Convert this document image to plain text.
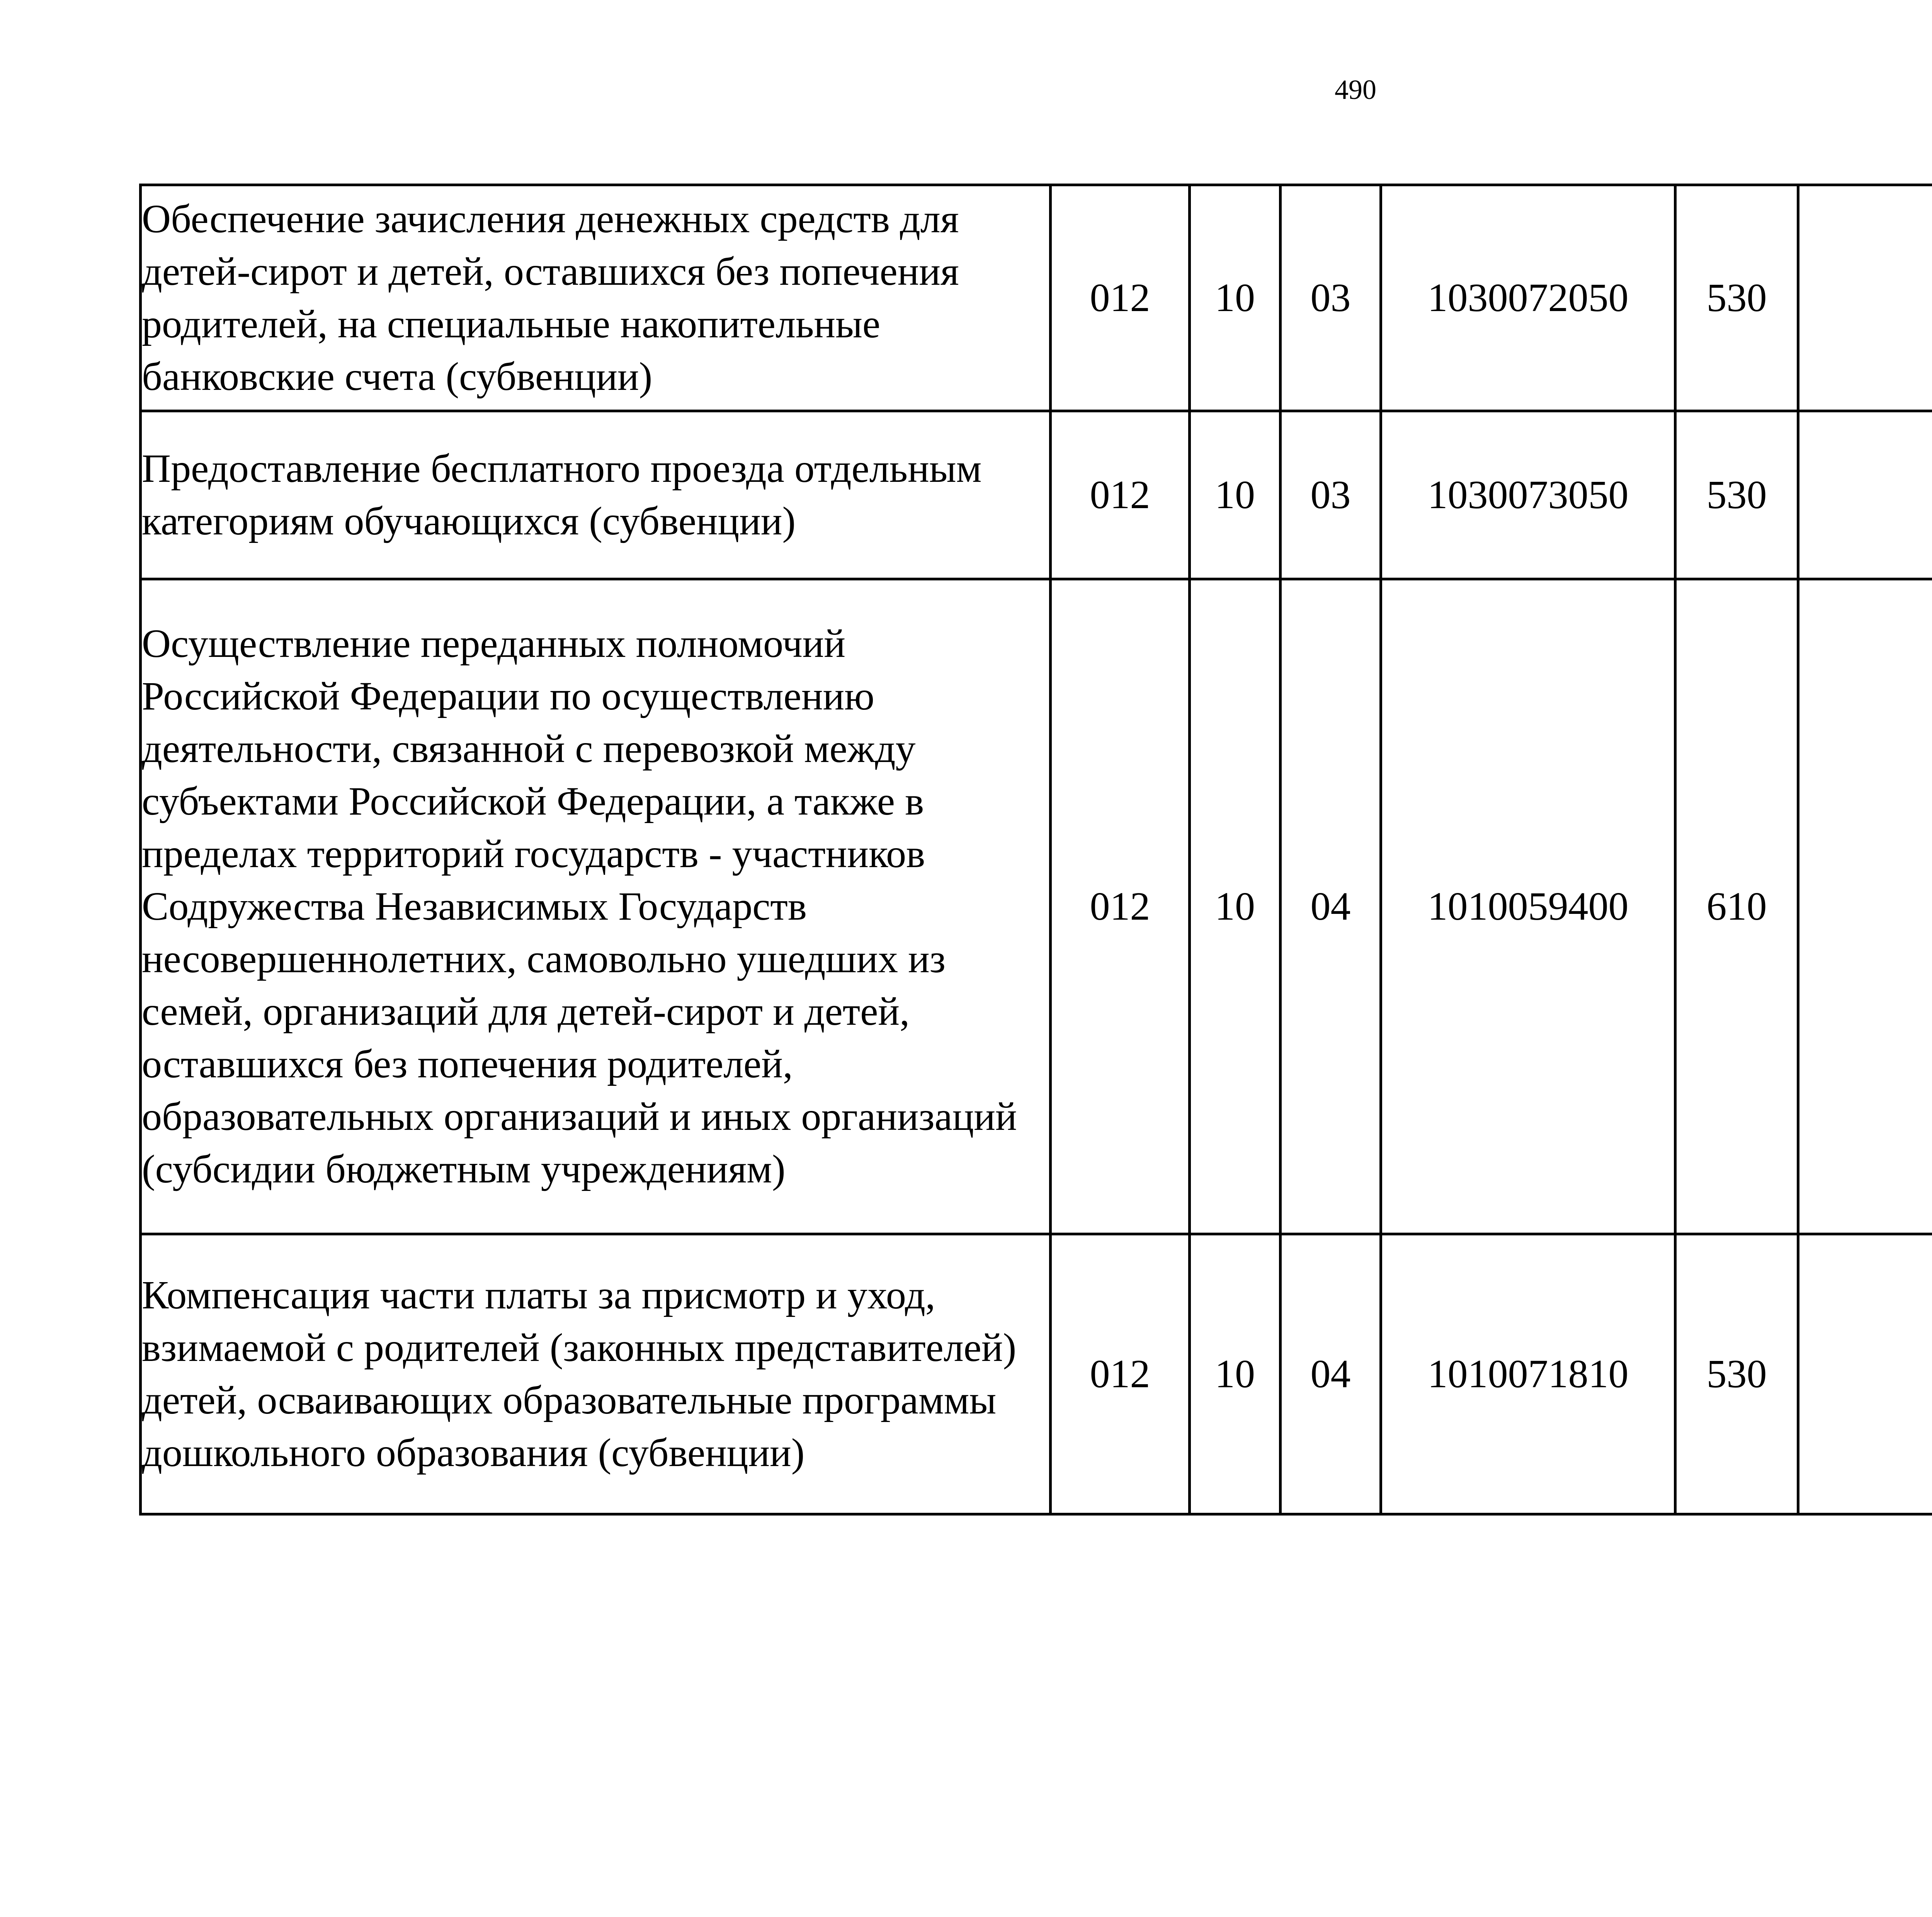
490
Обеспечение зачисления денежных средств для детей-сирот и детей, оставшихся без попечения родителей, на специальные накопительные банковские счета (субвенции)	012	10	03	1030072050	530			
Предоставление бесплатного проезда отдельным категориям обучающихся (субвенции)	012	10	03	1030073050	530			
Осуществление переданных полномочий Российской Федерации по осуществлению деятельности, связанной с перевозкой между субъектами Российской Федерации, а также в пределах территорий государств - участников Содружества Независимых Государств несовершеннолетних, самовольно ушедших из семей, организаций для детей-сирот и детей, оставшихся без попечения родителей, образовательных организаций и иных организаций (субсидии бюджетным учреждениям)	012	10	04	1010059400	610			
Компенсация части платы за присмотр и уход, взимаемой с родителей (законных представителей) детей, осваивающих образовательные программы дошкольного образования (субвенции)	012	10	04	1010071810	530			
